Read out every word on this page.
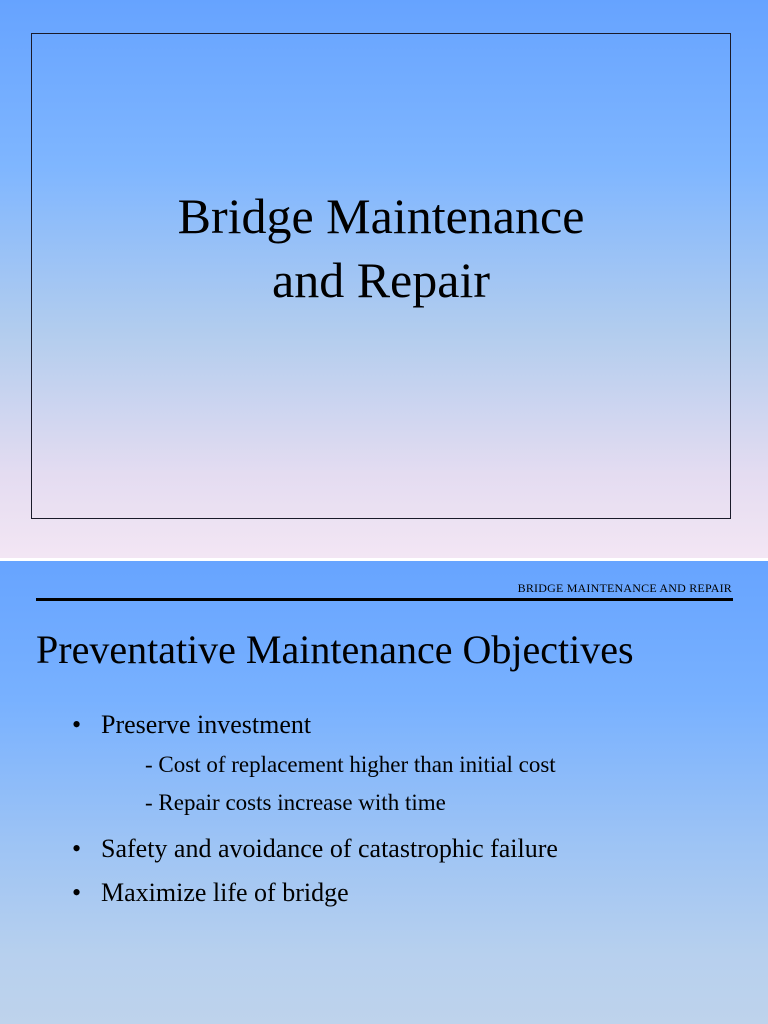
Bridge Maintenance
and Repair
BRIDGE MAINTENANCE AND REPAIR
Preventative Maintenance Objectives
• Preserve investment
- Cost of replacement higher than initial cost
- Repair costs increase with time
• Safety and avoidance of catastrophic failure
• Maximize life of bridge
